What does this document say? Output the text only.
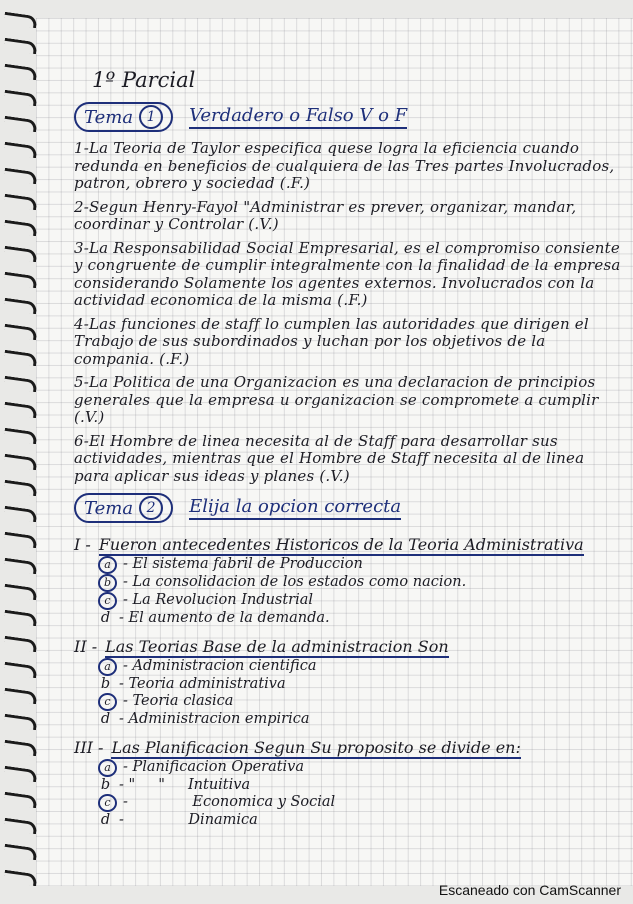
1º Parcial
Tema 1	Verdadero o Falso V o F

1-La Teoria de Taylor especifica quese logra la eficiencia cuando redunda en beneficios de cualquiera de las Tres partes Involucrados, patron, obrero y sociedad (.F.)

2-Segun Henry-Fayol "Administrar es prever, organizar, mandar, coordinar y Controlar (.V.)

3-La Responsabilidad Social Empresarial, es el compromiso consiente y congruente de cumplir integralmente con la finalidad de la empresa considerando Solamente los agentes externos. Involucrados con la actividad economica de la misma (.F.)

4-Las funciones de staff lo cumplen las autoridades que dirigen el Trabajo de sus subordinados y luchan por los objetivos de la compania. (.F.)

5-La Politica de una Organizacion es una declaracion de principios generales que la empresa u organizacion se compromete a cumplir (.V.)

6-El Hombre de linea necesita al de Staff para desarrollar sus actividades, mientras que el Hombre de Staff necesita al de linea para aplicar sus ideas y planes (.V.)

Tema 2	Elija la opcion correcta
I - Fueron antecedentes Historicos de la Teoria Administrativa
a - El sistema fabril de Produccion
b - La consolidacion de los estados como nacion.
c - La Revolucion Industrial
d - El aumento de la demanda.
II - Las Teorias Base de la administracion Son
a - Administracion cientifica
b - Teoria administrativa
c - Teoria clasica
d - Administracion empirica
III - Las Planificacion Segun Su proposito se divide en:
a - Planificacion Operativa
b - "     "     Intuitiva
c -              Economica y Social
d -              Dinamica
Escaneado con CamScanner
